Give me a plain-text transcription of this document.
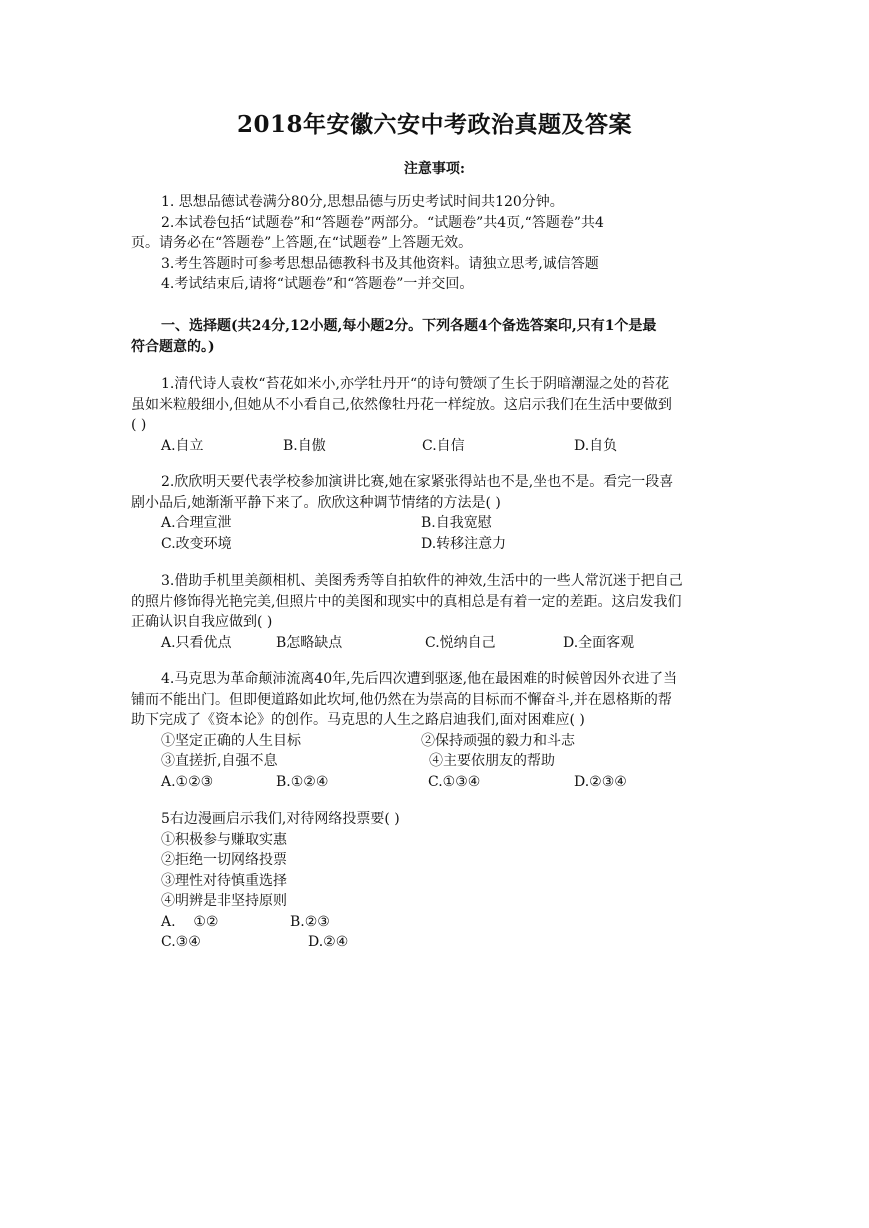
2018年安徽六安中考政治真题及答案
注意事项:
1. 思想品德试卷满分80分,思想品德与历史考试时间共120分钟。
2.本试卷包括“试题卷”和“答题卷”两部分。“试题卷”共4页,“答题卷”共4
页。请务必在“答题卷”上答题,在“试题卷”上答题无效。
3.考生答题时可参考思想品德教科书及其他资料。请独立思考,诚信答题
4.考试结束后,请将“试题卷”和“答题卷”一并交回。
一、选择题(共24分,12小题,每小题2分。下列各题4个备选答案印,只有1个是最
符合题意的。)
1.清代诗人袁枚“苔花如米小,亦学牡丹开“的诗句赞颂了生长于阴暗潮湿之处的苔花
虽如米粒般细小,但她从不小看自己,依然像牡丹花一样绽放。这启示我们在生活中要做到
( )
A.自立	B.自傲	C.自信	D.自负
2.欣欣明天要代表学校参加演讲比赛,她在家紧张得站也不是,坐也不是。看完一段喜
剧小品后,她渐渐平静下来了。欣欣这种调节情绪的方法是( )
A.合理宣泄	B.自我宽慰
C.改变环境	D.转移注意力
3.借助手机里美颜相机、美图秀秀等自拍软件的神效,生活中的一些人常沉迷于把自己
的照片修饰得光艳完美,但照片中的美图和现实中的真相总是有着一定的差距。这启发我们
正确认识自我应做到( )
A.只看优点	B怎略缺点	C.悦纳自己	D.全面客观
4.马克思为革命颠沛流离40年,先后四次遭到驱逐,他在最困难的时候曾因外衣进了当
铺而不能出门。但即便道路如此坎坷,他仍然在为崇高的目标而不懈奋斗,并在恩格斯的帮
助下完成了《资本论》的创作。马克思的人生之路启迪我们,面对困难应( )
①坚定正确的人生目标	②保持顽强的毅力和斗志
③直搓折,自强不息	④主要依朋友的帮助
A.①②③	B.①②④	C.①③④	D.②③④
5右边漫画启示我们,对待网络投票要( )
①积极参与赚取实惠
②拒绝一切网络投票
③理性对待慎重选择
④明辨是非坚持原则
A.    ①②	B.②③
C.③④	D.②④
